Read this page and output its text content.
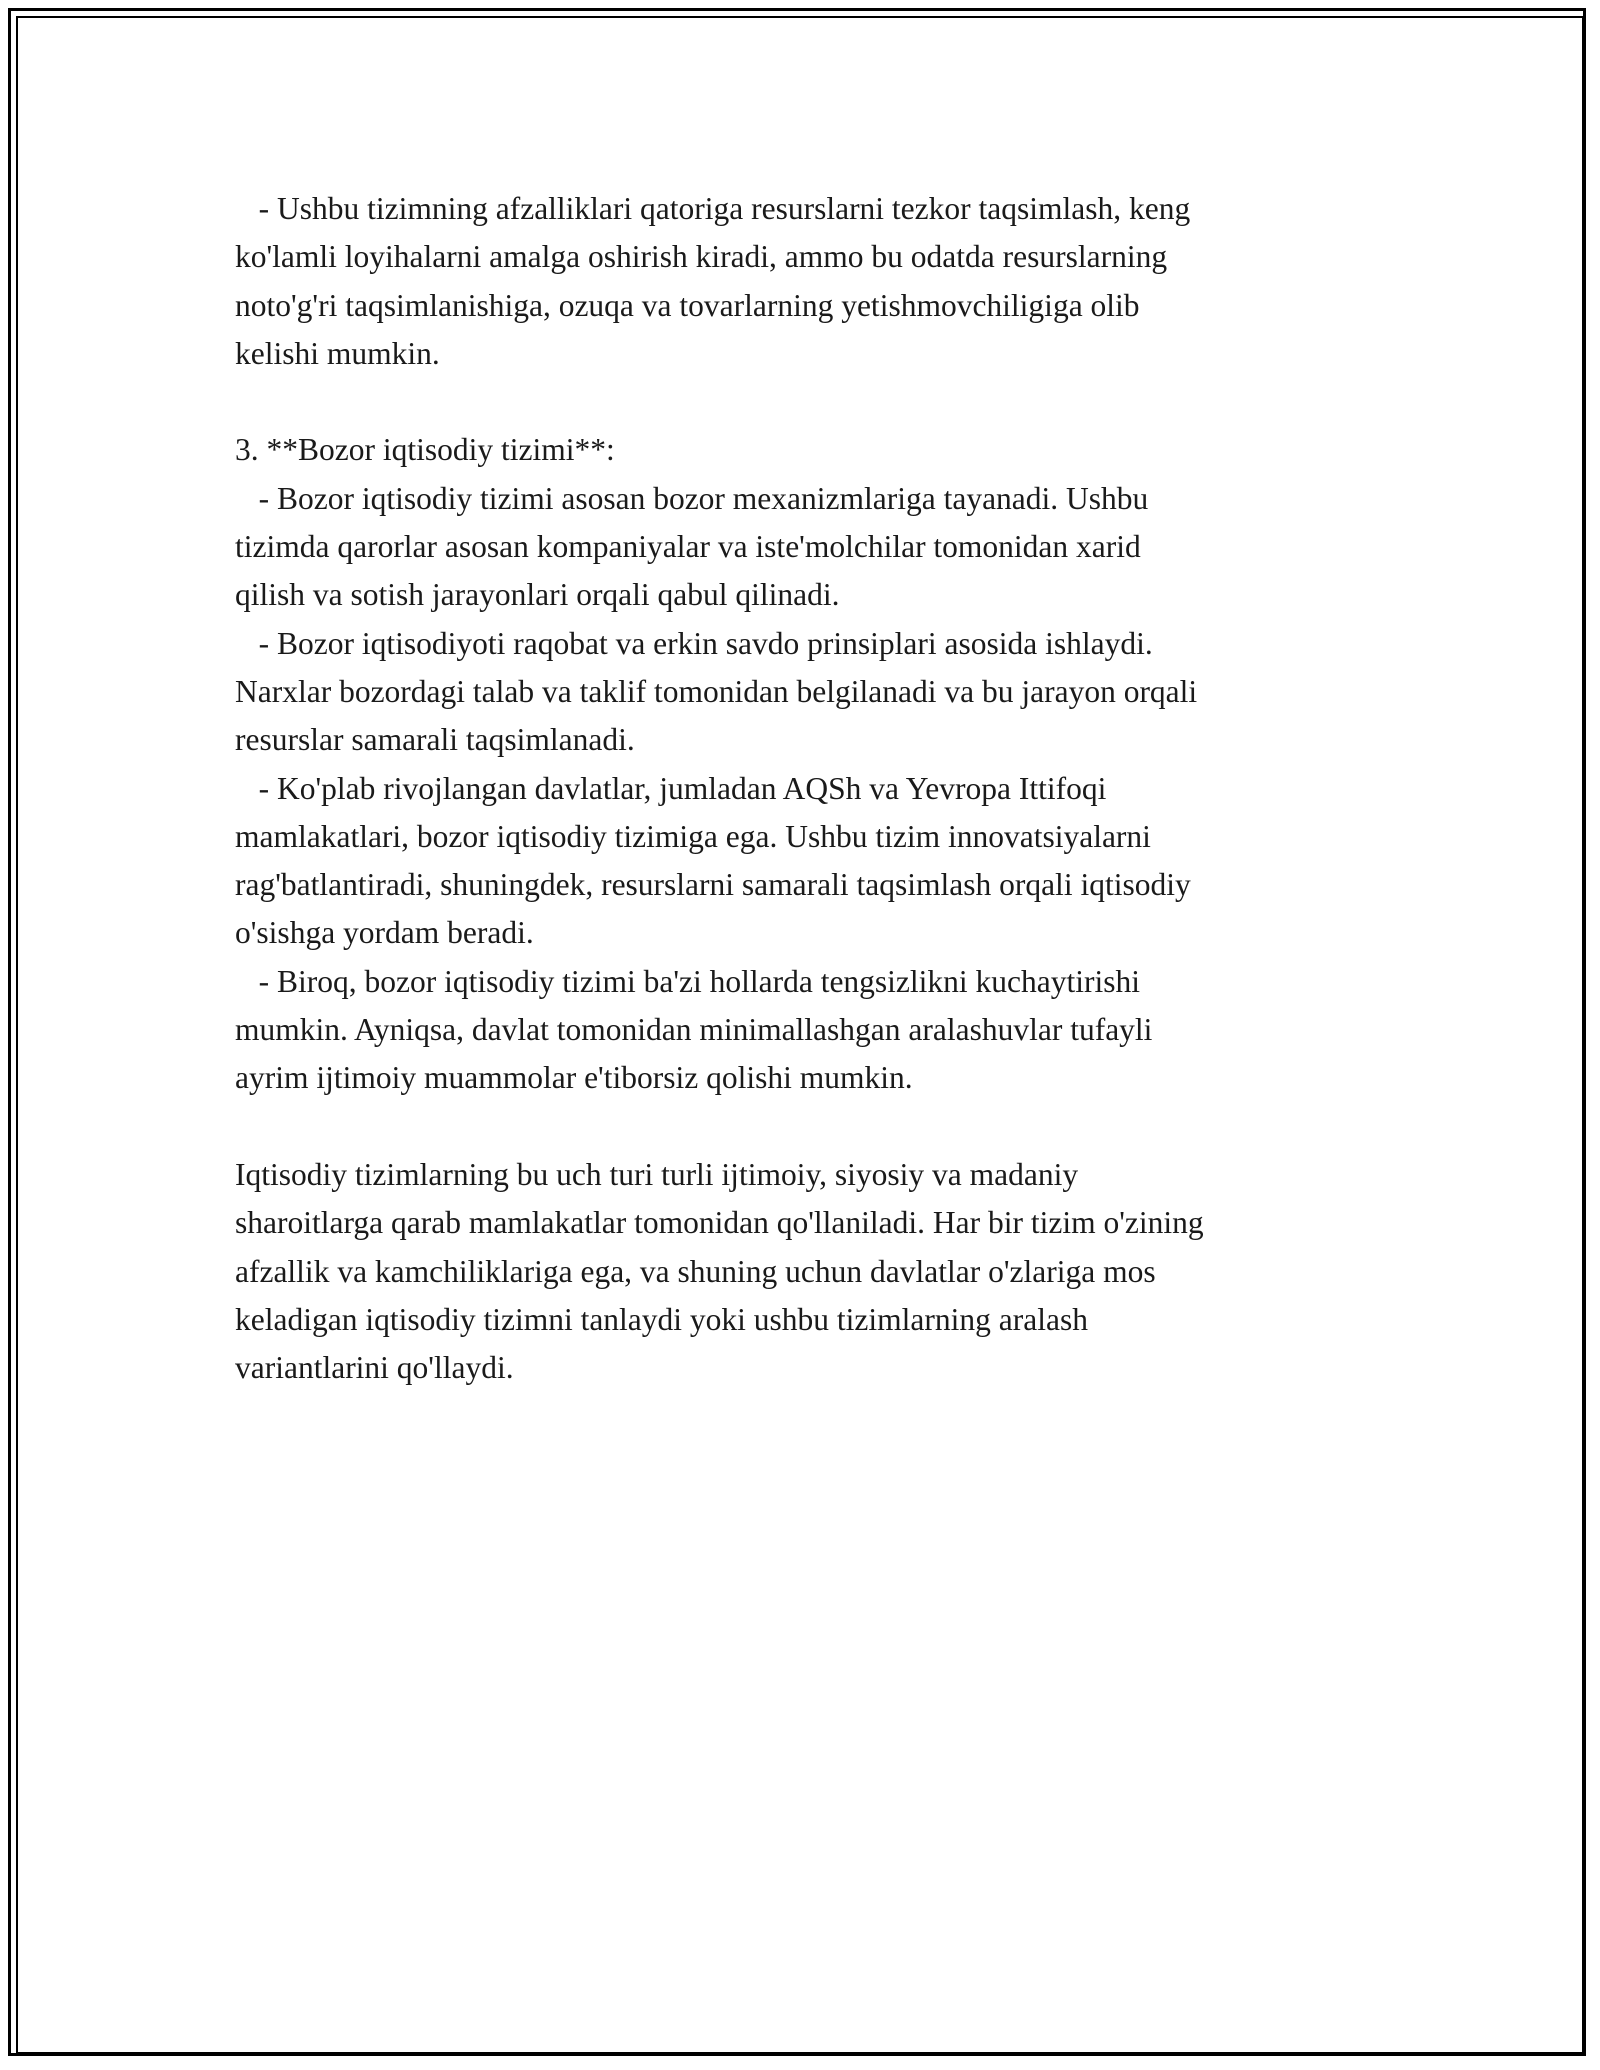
- Ushbu tizimning afzalliklari qatoriga resurslarni tezkor taqsimlash, keng
ko'lamli loyihalarni amalga oshirish kiradi, ammo bu odatda resurslarning
noto'g'ri taqsimlanishiga, ozuqa va tovarlarning yetishmovchiligiga olib
kelishi mumkin.
3. **Bozor iqtisodiy tizimi**:
- Bozor iqtisodiy tizimi asosan bozor mexanizmlariga tayanadi. Ushbu
tizimda qarorlar asosan kompaniyalar va iste'molchilar tomonidan xarid
qilish va sotish jarayonlari orqali qabul qilinadi.
- Bozor iqtisodiyoti raqobat va erkin savdo prinsiplari asosida ishlaydi.
Narxlar bozordagi talab va taklif tomonidan belgilanadi va bu jarayon orqali
resurslar samarali taqsimlanadi.
- Ko'plab rivojlangan davlatlar, jumladan AQSh va Yevropa Ittifoqi
mamlakatlari, bozor iqtisodiy tizimiga ega. Ushbu tizim innovatsiyalarni
rag'batlantiradi, shuningdek, resurslarni samarali taqsimlash orqali iqtisodiy
o'sishga yordam beradi.
- Biroq, bozor iqtisodiy tizimi ba'zi hollarda tengsizlikni kuchaytirishi
mumkin. Ayniqsa, davlat tomonidan minimallashgan aralashuvlar tufayli
ayrim ijtimoiy muammolar e'tiborsiz qolishi mumkin.
Iqtisodiy tizimlarning bu uch turi turli ijtimoiy, siyosiy va madaniy
sharoitlarga qarab mamlakatlar tomonidan qo'llaniladi. Har bir tizim o'zining
afzallik va kamchiliklariga ega, va shuning uchun davlatlar o'zlariga mos
keladigan iqtisodiy tizimni tanlaydi yoki ushbu tizimlarning aralash
variantlarini qo'llaydi.
